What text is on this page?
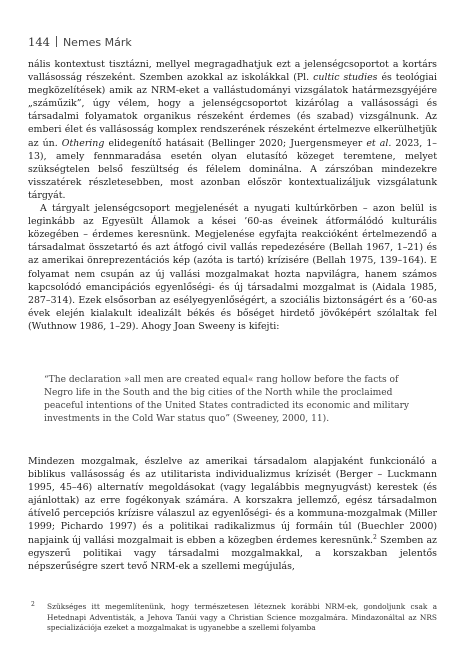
144 Nemes Márk

nális kontextust tisztázni, mellyel megragadhatjuk ezt a jelenségcsoportot a kortárs vallásosság részeként. Szemben azokkal az iskolákkal (Pl. cultic studies és teológiai megközelítések) amik az NRM-eket a vallástudományi vizsgálatok határmezsgyéjére „száműzik”, úgy vélem, hogy a jelenségcsoportot kizárólag a vallásossági és társadalmi folyamatok organikus részeként érdemes (és szabad) vizsgálnunk. Az emberi élet és vallásosság komplex rendszerének részeként értelmezve elkerülhetjük az ún. Othering elidegenítő hatásait (Bellinger 2020; Juergensmeyer et al. 2023, 1–13), amely fennmaradása esetén olyan elutasító közeget teremtene, melyet szükségtelen belső feszültség és félelem dominálna. A zárszóban mindezekre visszatérek részletesebben, most azonban először kontextualizáljuk vizsgálatunk tárgyát.

A tárgyalt jelenségcsoport megjelenését a nyugati kultúrkörben – azon belül is leginkább az Egyesült Államok a kései ’60-as éveinek átformálódó kulturális közegében – érdemes keresnünk. Megjelenése egyfajta reakcióként értelmezendő a társadalmat összetartó és azt átfogó civil vallás repedezésére (Bellah 1967, 1–21) és az amerikai önreprezentációs kép (azóta is tartó) krízisére (Bellah 1975, 139–164). E folyamat nem csupán az új vallási mozgalmakat hozta napvilágra, hanem számos kapcsolódó emancipációs egyenlőségi- és új társadalmi mozgalmat is (Aidala 1985, 287–314). Ezek elsősorban az esélyegyenlőségért, a szociális biztonságért és a ’60-as évek elején kialakult idealizált békés és bőséget hirdető jövőképért szólaltak fel (Wuthnow 1986, 1–29). Ahogy Joan Sweeny is kifejti:

“The declaration »all men are created equal« rang hollow before the facts of Negro life in the South and the big cities of the North while the proclaimed peaceful intentions of the United States contradicted its economic and military investments in the Cold War status quo” (Sweeney, 2000, 11).

Mindezen mozgalmak, észlelve az amerikai társadalom alapjaként funkcionáló a biblikus vallásosság és az utilitarista individualizmus krízisét (Berger – Luckmann 1995, 45–46) alternatív megoldásokat (vagy legalábbis megnyugvást) kerestek (és ajánlottak) az erre fogékonyak számára. A korszakra jellemző, egész társadalmon átívelő percepciós krízisre válaszul az egyenlőségi- és a kommuna-mozgalmak (Miller 1999; Pichardo 1997) és a politikai radikalizmus új formáin túl (Buechler 2000) napjaink új vallási mozgalmait is ebben a közegben érdemes keresnünk.$^2$ Szemben az egyszerű politikai vagy társadalmi mozgalmakkal, a korszakban jelentős népszerűségre szert tevő NRM-ek a szellemi megújulás,

2 Szükséges itt megemlítenünk, hogy természetesen léteznek korábbi NRM-ek, gondoljunk csak a Hetednapi Adventisták, a Jehova Tanúi vagy a Christian Science mozgalmára. Mindazonáltal az NRS specializációja ezeket a mozgalmakat is ugyanebbe a szellemi folyamba
